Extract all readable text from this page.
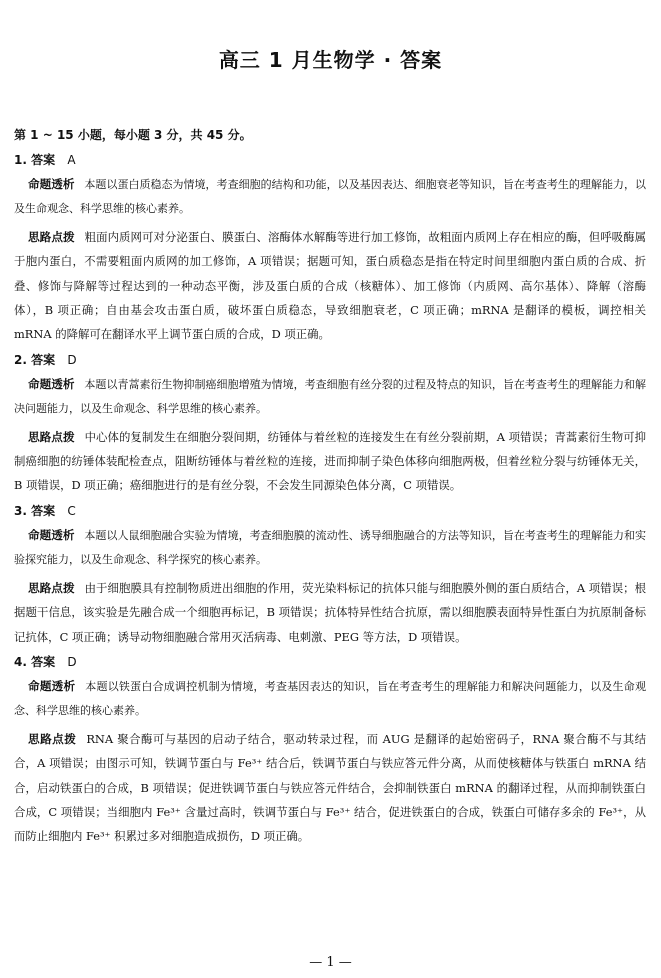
高三 1 月生物学 · 答案
第 1 ~ 15 小题，每小题 3 分，共 45 分。
1. 答案 A

命题透析 本题以蛋白质稳态为情境，考查细胞的结构和功能，以及基因表达、细胞衰老等知识，旨在考查考生的理解能力，以及生命观念、科学思维的核心素养。

思路点拨 粗面内质网可对分泌蛋白、膜蛋白、溶酶体水解酶等进行加工修饰，故粗面内质网上存在相应的酶，但呼吸酶属于胞内蛋白，不需要粗面内质网的加工修饰，A 项错误；据题可知，蛋白质稳态是指在特定时间里细胞内蛋白质的合成、折叠、修饰与降解等过程达到的一种动态平衡，涉及蛋白质的合成（核糖体）、加工修饰（内质网、高尔基体）、降解（溶酶体），B 项正确；自由基会攻击蛋白质，破坏蛋白质稳态，导致细胞衰老，C 项正确；mRNA 是翻译的模板，调控相关 mRNA 的降解可在翻译水平上调节蛋白质的合成，D 项正确。

2. 答案 D

命题透析 本题以青蒿素衍生物抑制癌细胞增殖为情境，考查细胞有丝分裂的过程及特点的知识，旨在考查考生的理解能力和解决问题能力，以及生命观念、科学思维的核心素养。

思路点拨 中心体的复制发生在细胞分裂间期，纺锤体与着丝粒的连接发生在有丝分裂前期，A 项错误；青蒿素衍生物可抑制癌细胞的纺锤体装配检查点，阻断纺锤体与着丝粒的连接，进而抑制子染色体移向细胞两极，但着丝粒分裂与纺锤体无关，B 项错误，D 项正确；癌细胞进行的是有丝分裂，不会发生同源染色体分离，C 项错误。

3. 答案 C

命题透析 本题以人鼠细胞融合实验为情境，考查细胞膜的流动性、诱导细胞融合的方法等知识，旨在考查考生的理解能力和实验探究能力，以及生命观念、科学探究的核心素养。

思路点拨 由于细胞膜具有控制物质进出细胞的作用，荧光染料标记的抗体只能与细胞膜外侧的蛋白质结合，A 项错误；根据题干信息，该实验是先融合成一个细胞再标记，B 项错误；抗体特异性结合抗原，需以细胞膜表面特异性蛋白为抗原制备标记抗体，C 项正确；诱导动物细胞融合常用灭活病毒、电刺激、PEG 等方法，D 项错误。

4. 答案 D

命题透析 本题以铁蛋白合成调控机制为情境，考查基因表达的知识，旨在考查考生的理解能力和解决问题能力，以及生命观念、科学思维的核心素养。

思路点拨 RNA 聚合酶可与基因的启动子结合，驱动转录过程，而 AUG 是翻译的起始密码子，RNA 聚合酶不与其结合，A 项错误；由图示可知，铁调节蛋白与 Fe³⁺ 结合后，铁调节蛋白与铁应答元件分离，从而使核糖体与铁蛋白 mRNA 结合，启动铁蛋白的合成，B 项错误；促进铁调节蛋白与铁应答元件结合，会抑制铁蛋白 mRNA 的翻译过程，从而抑制铁蛋白合成，C 项错误；当细胞内 Fe³⁺ 含量过高时，铁调节蛋白与 Fe³⁺ 结合，促进铁蛋白的合成，铁蛋白可储存多余的 Fe³⁺，从而防止细胞内 Fe³⁺ 积累过多对细胞造成损伤，D 项正确。

— 1 —
